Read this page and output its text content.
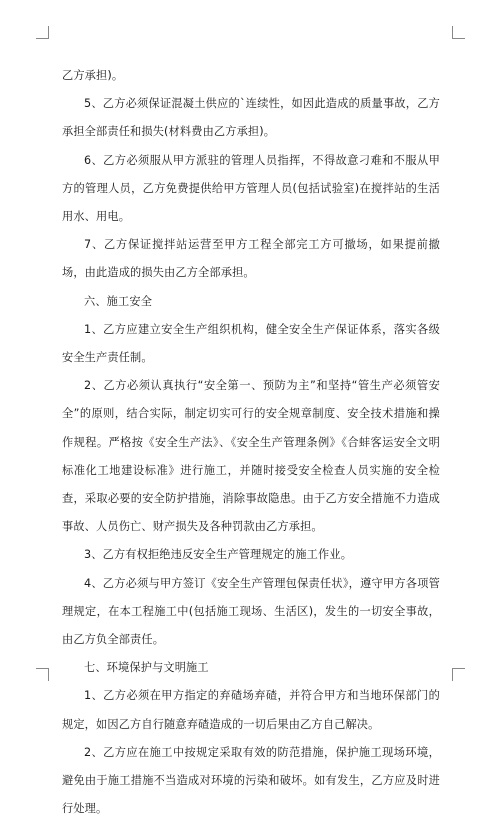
乙方承担)。

5、乙方必须保证混凝土供应的`连续性，如因此造成的质量事故，乙方承担全部责任和损失(材料费由乙方承担)。

6、乙方必须服从甲方派驻的管理人员指挥，不得故意刁难和不服从甲方的管理人员，乙方免费提供给甲方管理人员(包括试验室)在搅拌站的生活用水、用电。

7、乙方保证搅拌站运营至甲方工程全部完工方可撤场，如果提前撤场，由此造成的损失由乙方全部承担。

六、施工安全

1、乙方应建立安全生产组织机构，健全安全生产保证体系，落实各级安全生产责任制。

2、乙方必须认真执行“安全第一、预防为主”和坚持“管生产必须管安全”的原则，结合实际，制定切实可行的安全规章制度、安全技术措施和操作规程。严格按《安全生产法》、《安全生产管理条例》《合蚌客运安全文明标准化工地建设标准》进行施工，并随时接受安全检查人员实施的安全检查，采取必要的安全防护措施，消除事故隐患。由于乙方安全措施不力造成事故、人员伤亡、财产损失及各种罚款由乙方承担。

3、乙方有权拒绝违反安全生产管理规定的施工作业。

4、乙方必须与甲方签订《安全生产管理包保责任状》，遵守甲方各项管理规定，在本工程施工中(包括施工现场、生活区)，发生的一切安全事故，由乙方负全部责任。

七、环境保护与文明施工

1、乙方必须在甲方指定的弃碴场弃碴，并符合甲方和当地环保部门的规定，如因乙方自行随意弃碴造成的一切后果由乙方自己解决。

2、乙方应在施工中按规定采取有效的防范措施，保护施工现场环境，避免由于施工措施不当造成对环境的污染和破坏。如有发生，乙方应及时进行处理。
